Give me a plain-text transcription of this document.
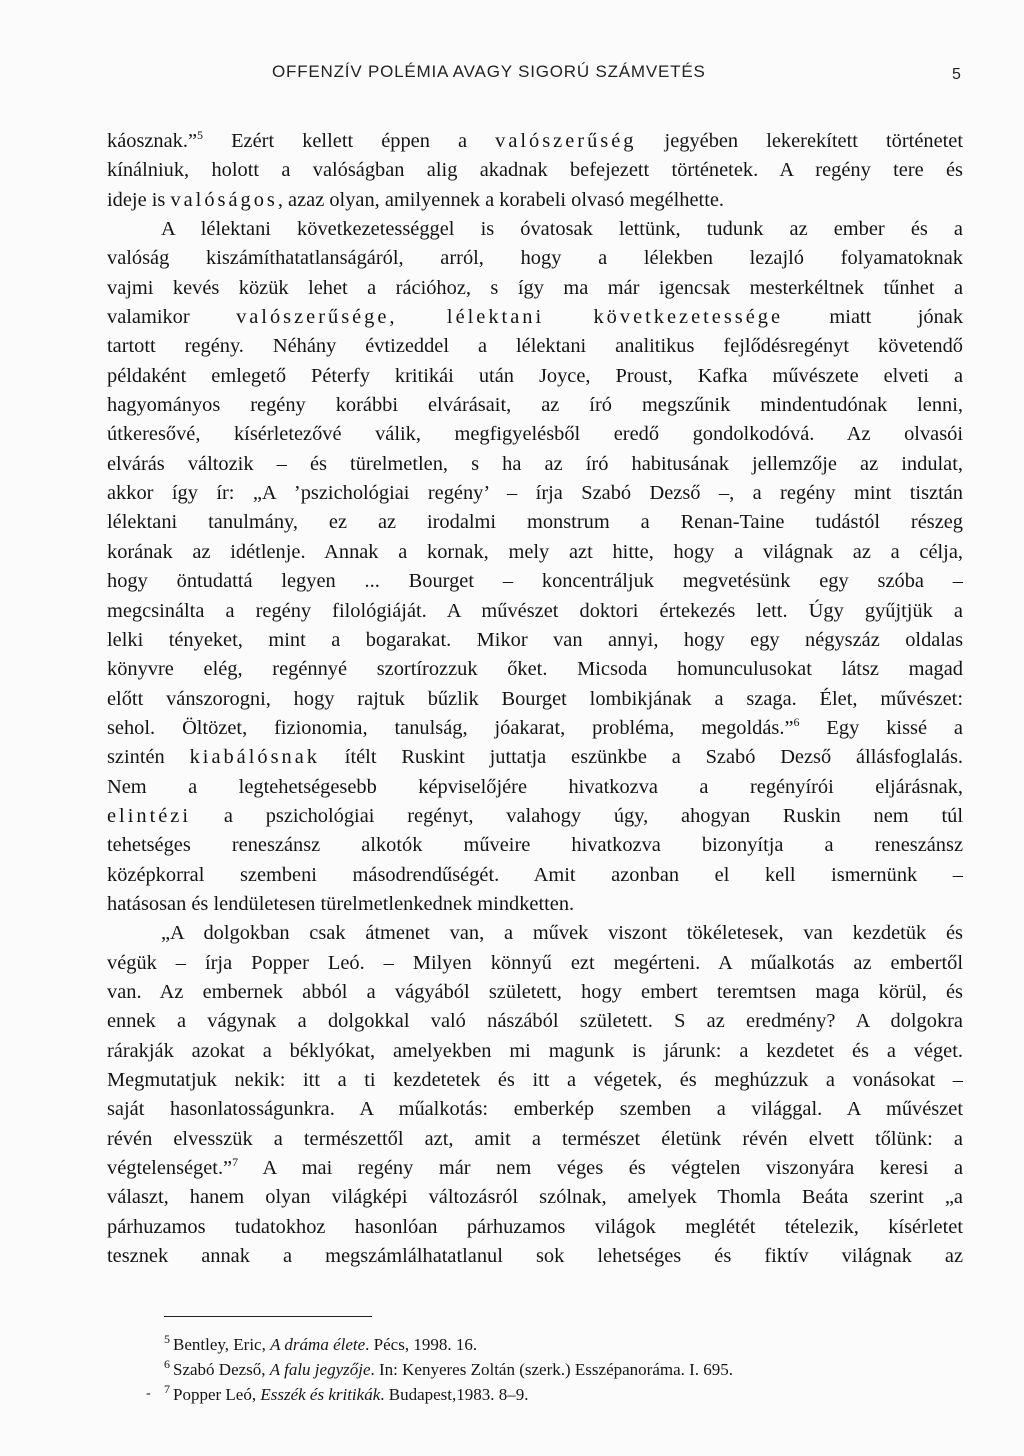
OFFENZÍV POLÉMIA AVAGY SIGORÚ SZÁMVETÉS	5
káosznak.”$^5$ Ezért kellett éppen a valószerűség jegyében lekerekített történetet
kínálniuk, holott a valóságban alig akadnak befejezett történetek. A regény tere és
ideje is valóságos, azaz olyan, amilyennek a korabeli olvasó megélhette.
A lélektani következetességgel is óvatosak lettünk, tudunk az ember és a
valóság kiszámíthatatlanságáról, arról, hogy a lélekben lezajló folyamatoknak
vajmi kevés közük lehet a rációhoz, s így ma már igencsak mesterkéltnek tűnhet a
valamikor valószerűsége, lélektani következetessége miatt jónak
tartott regény. Néhány évtizeddel a lélektani analitikus fejlődésregényt követendő
példaként emlegető Péterfy kritikái után Joyce, Proust, Kafka művészete elveti a
hagyományos regény korábbi elvárásait, az író megszűnik mindentudónak lenni,
útkeresővé, kísérletezővé válik, megfigyelésből eredő gondolkodóvá. Az olvasói
elvárás változik – és türelmetlen, s ha az író habitusának jellemzője az indulat,
akkor így ír: „A ’pszichológiai regény’ – írja Szabó Dezső –, a regény mint tisztán
lélektani tanulmány, ez az irodalmi monstrum a Renan-Taine tudástól részeg
korának az idétlenje. Annak a kornak, mely azt hitte, hogy a világnak az a célja,
hogy öntudattá legyen ... Bourget – koncentráljuk megvetésünk egy szóba –
megcsinálta a regény filológiáját. A művészet doktori értekezés lett. Úgy gyűjtjük a
lelki tényeket, mint a bogarakat. Mikor van annyi, hogy egy négyszáz oldalas
könyvre elég, regénnyé szortírozzuk őket. Micsoda homunculusokat látsz magad
előtt vánszorogni, hogy rajtuk bűzlik Bourget lombikjának a szaga. Élet, művészet:
sehol. Öltözet, fizionomia, tanulság, jóakarat, probléma, megoldás.”$^6$ Egy kissé a
szintén kiabálósnak ítélt Ruskint juttatja eszünkbe a Szabó Dezső állásfoglalás.
Nem a legtehetségesebb képviselőjére hivatkozva a regényírói eljárásnak,
elintézi a pszichológiai regényt, valahogy úgy, ahogyan Ruskin nem túl
tehetséges reneszánsz alkotók műveire hivatkozva bizonyítja a reneszánsz
középkorral szembeni másodrendűségét. Amit azonban el kell ismernünk –
hatásosan és lendületesen türelmetlenkednek mindketten.
„A dolgokban csak átmenet van, a művek viszont tökéletesek, van kezdetük és
végük – írja Popper Leó. – Milyen könnyű ezt megérteni. A műalkotás az embertől
van. Az embernek abból a vágyából született, hogy embert teremtsen maga körül, és
ennek a vágynak a dolgokkal való nászából született. S az eredmény? A dolgokra
rárakják azokat a béklyókat, amelyekben mi magunk is járunk: a kezdetet és a véget.
Megmutatjuk nekik: itt a ti kezdetetek és itt a végetek, és meghúzzuk a vonásokat –
saját hasonlatosságunkra. A műalkotás: emberkép szemben a világgal. A művészet
révén elvesszük a természettől azt, amit a természet életünk révén elvett tőlünk: a
végtelenséget.”$^7$ A mai regény már nem véges és végtelen viszonyára keresi a
választ, hanem olyan világképi változásról szólnak, amelyek Thomla Beáta szerint „a
párhuzamos tudatokhoz hasonlóan párhuzamos világok meglétét tételezik, kísérletet
tesznek annak a megszámlálhatatlanul sok lehetséges és fiktív világnak az
$^5$ Bentley, Eric, A dráma élete. Pécs, 1998. 16.
$^6$ Szabó Dezső, A falu jegyzője. In: Kenyeres Zoltán (szerk.) Esszépanoráma. I. 695.
$^7$ Popper Leó, Esszék és kritikák. Budapest,1983. 8–9.
-
